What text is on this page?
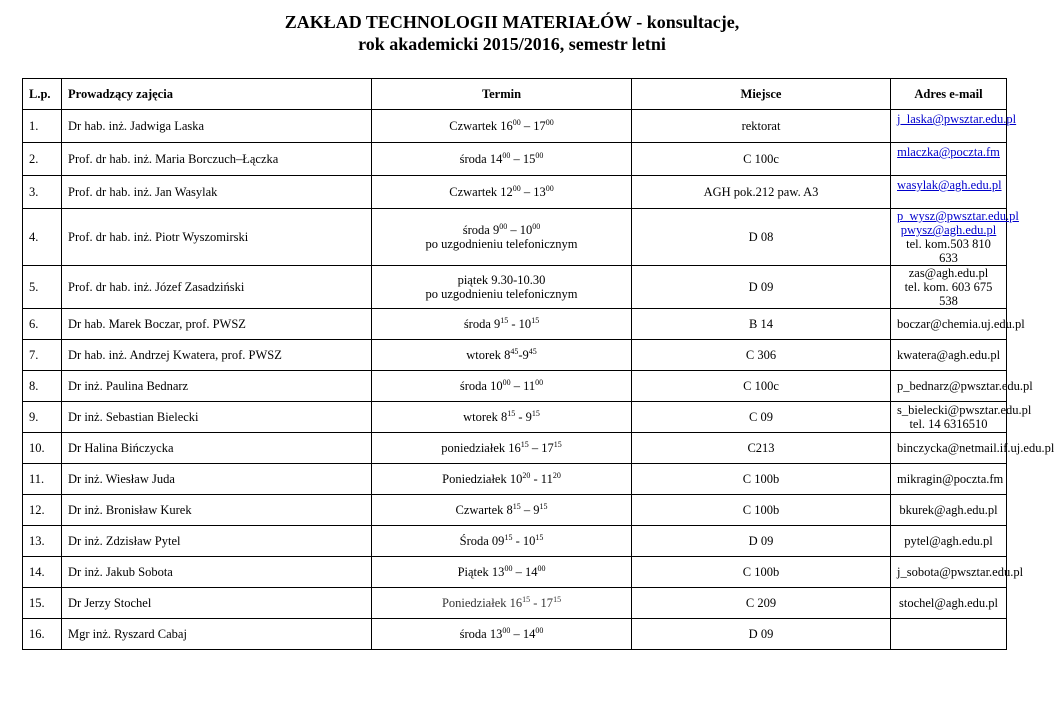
ZAKŁAD TECHNOLOGII MATERIAŁÓW - konsultacje,
rok akademicki 2015/2016, semestr letni
L.p.	Prowadzący zajęcia	Termin	Miejsce	Adres e-mail
1.	Dr hab. inż. Jadwiga Laska	Czwartek $16^{00} - 17^{00}$	rektorat	j_laska@pwsztar.edu.pl
2.	Prof. dr hab. inż. Maria Borczuch–Łączka	środa $14^{00} - 15^{00}$	C 100c	mlaczka@poczta.fm
3.	Prof. dr hab. inż. Jan Wasylak	Czwartek $12^{00} - 13^{00}$	AGH pok.212 paw. A3	wasylak@agh.edu.pl
4.	Prof. dr hab. inż. Piotr Wyszomirski	środa $9^{00} - 10^{00}$
po uzgodnieniu telefonicznym	D 08	p_wysz@pwsztar.edu.pl
pwysz@agh.edu.pl
tel. kom.503 810 633
5.	Prof. dr hab. inż. Józef Zasadziński	piątek 9.30-10.30
po uzgodnieniu telefonicznym	D 09	zas@agh.edu.pl
tel. kom. 603 675 538
6.	Dr hab. Marek Boczar, prof. PWSZ	środa $9^{15} - 10^{15}$	B 14	boczar@chemia.uj.edu.pl
7.	Dr hab. inż. Andrzej Kwatera, prof. PWSZ	wtorek $8^{45}-9^{45}$	C 306	kwatera@agh.edu.pl
8.	Dr inż. Paulina Bednarz	środa $10^{00} - 11^{00}$	C 100c	p_bednarz@pwsztar.edu.pl
9.	Dr inż. Sebastian Bielecki	wtorek $8^{15} - 9^{15}$	C 09	s_bielecki@pwsztar.edu.pl
tel. 14 6316510
10.	Dr Halina Bińczycka	poniedziałek $16^{15} - 17^{15}$	C213	binczycka@netmail.if.uj.edu.pl
11.	Dr inż. Wiesław Juda	Poniedziałek $10^{20} - 11^{20}$	C 100b	mikragin@poczta.fm
12.	Dr inż. Bronisław Kurek	Czwartek $8^{15} - 9^{15}$	C 100b	bkurek@agh.edu.pl
13.	Dr inż. Zdzisław Pytel	Środa $09^{15} - 10^{15}$	D 09	pytel@agh.edu.pl
14.	Dr inż. Jakub Sobota	Piątek $13^{00} - 14^{00}$	C 100b	j_sobota@pwsztar.edu.pl
15.	Dr Jerzy Stochel	Poniedziałek $16^{15} - 17^{15}$	C 209	stochel@agh.edu.pl
16.	Mgr inż. Ryszard Cabaj	środa $13^{00} - 14^{00}$	D 09	
